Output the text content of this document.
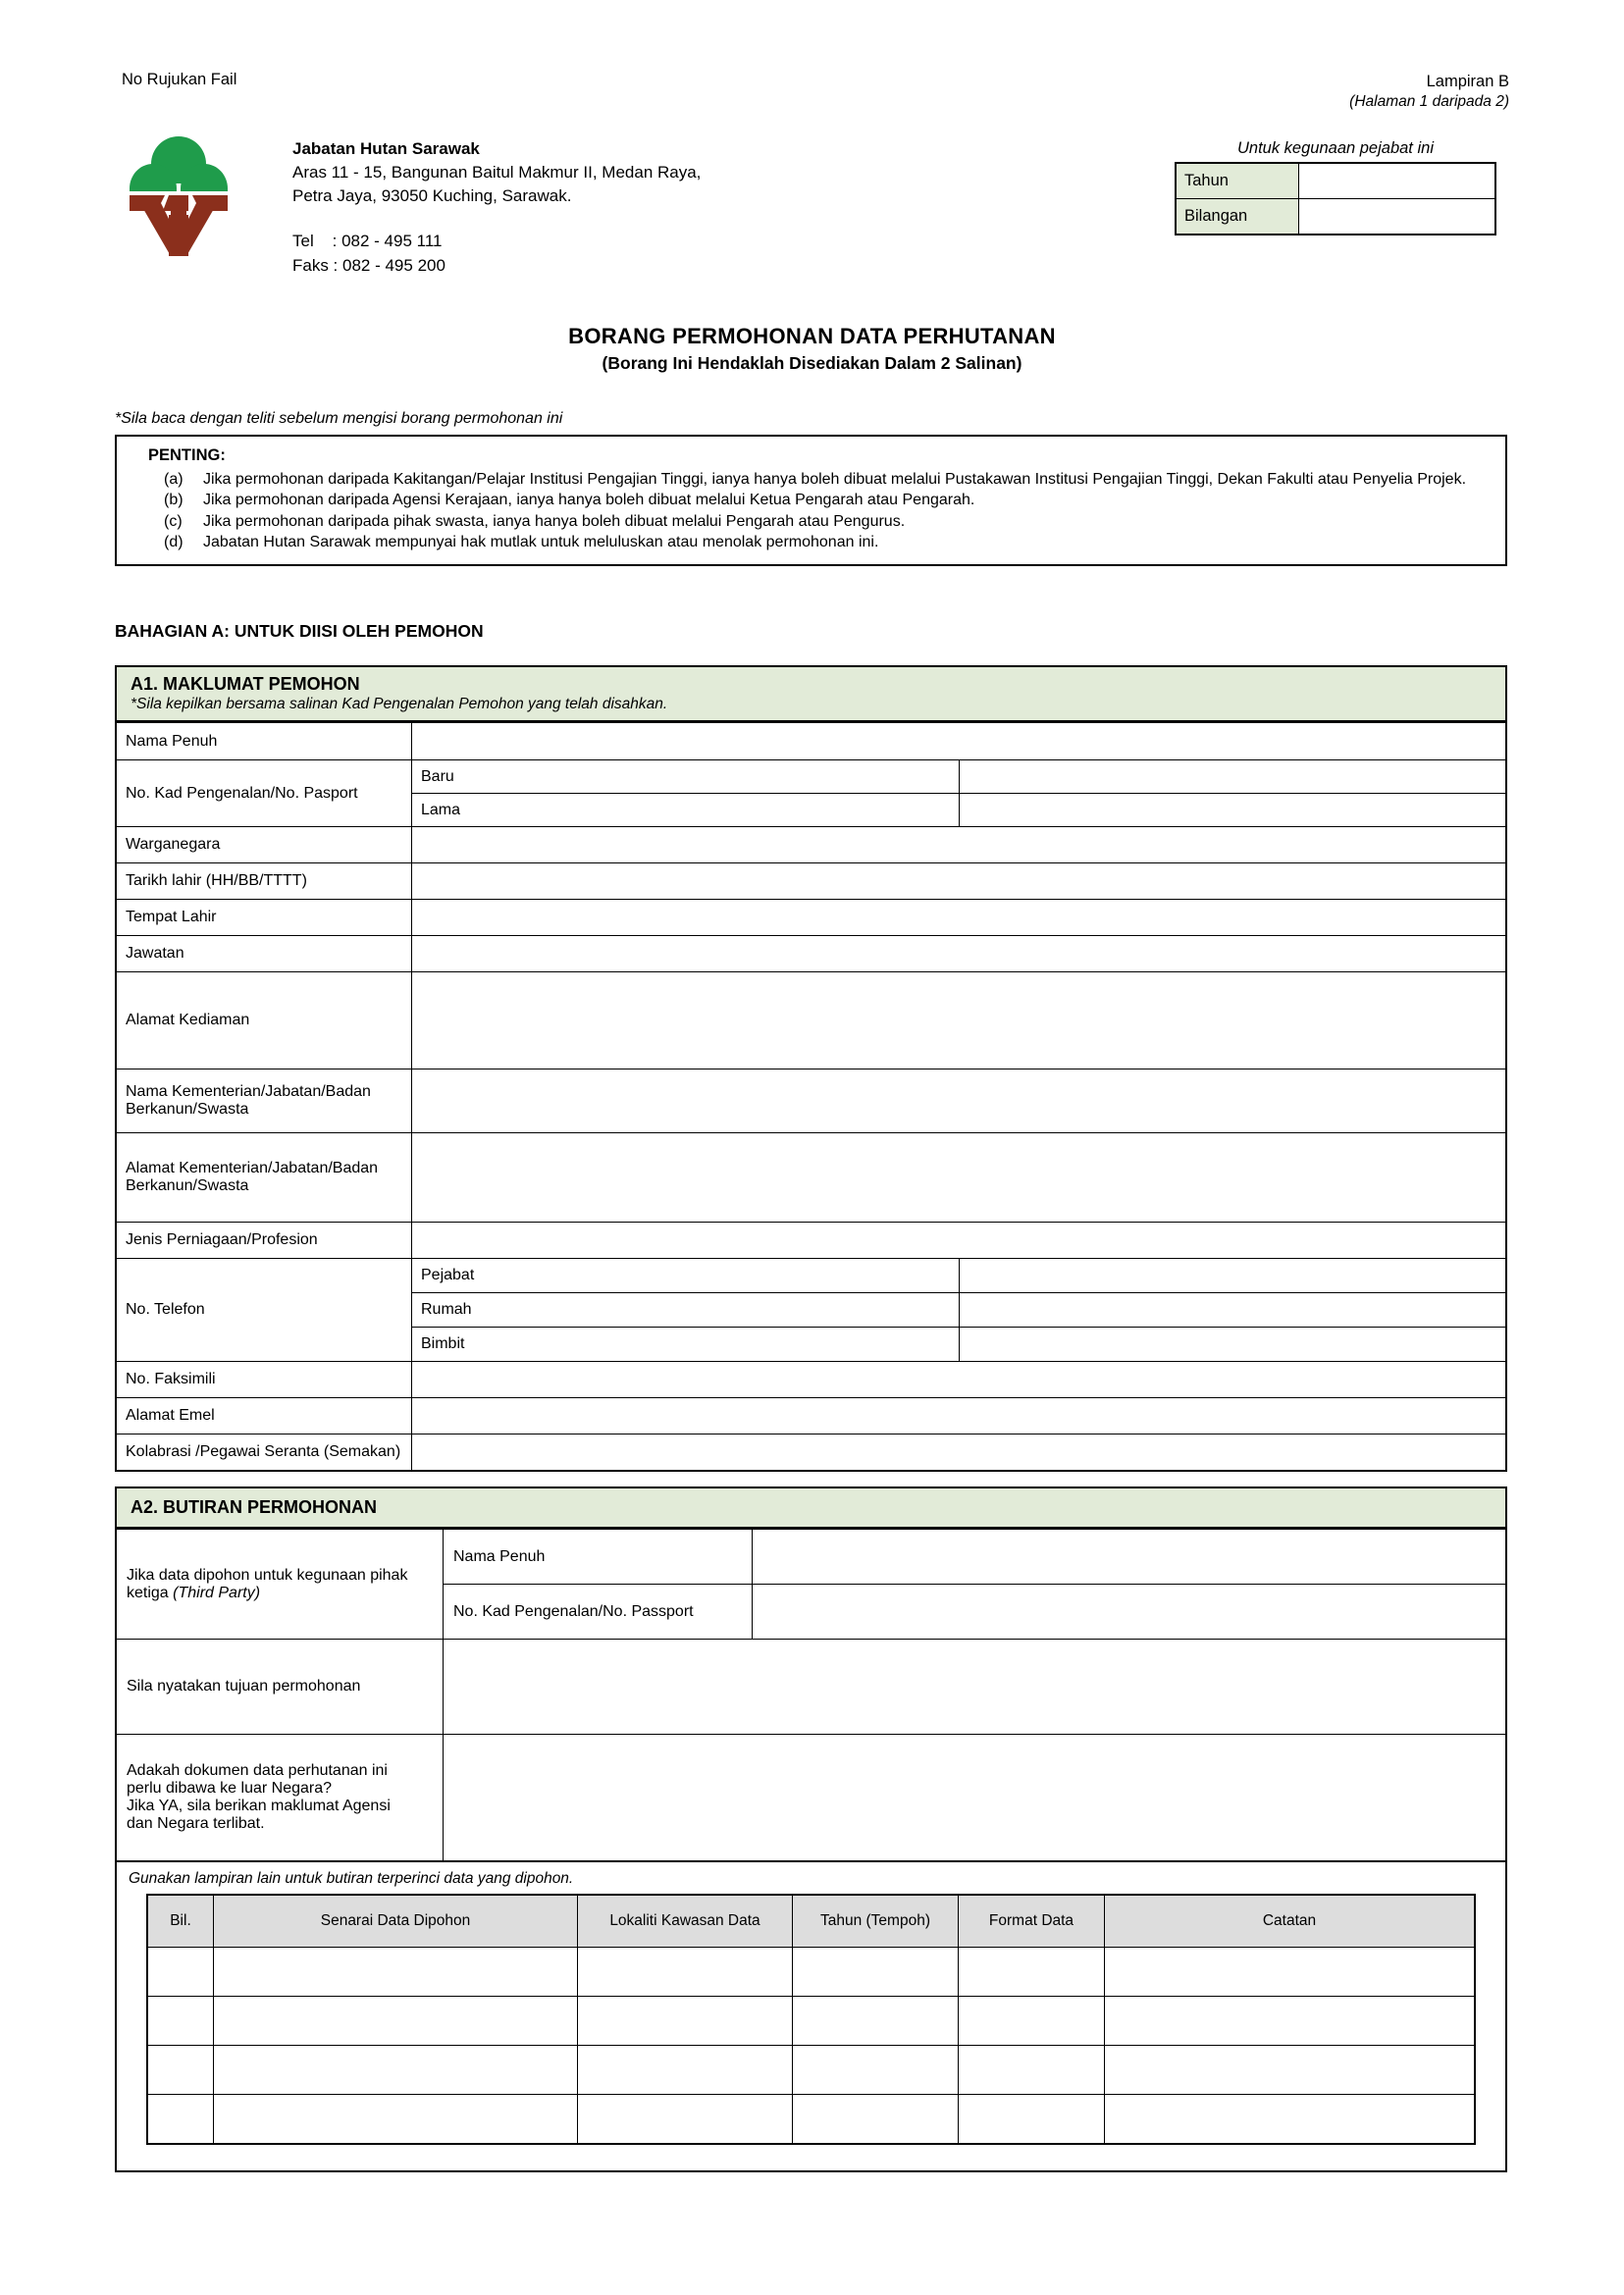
No Rujukan Fail	Lampiran B
(Halaman 1 daripada 2)
Jabatan Hutan Sarawak
Aras 11 - 15, Bangunan Baitul Makmur II, Medan Raya,
Petra Jaya, 93050 Kuching, Sarawak.
Tel    : 082 - 495 111
Faks : 082 - 495 200
Untuk kegunaan pejabat ini
Tahun	
Bilangan	
BORANG PERMOHONAN DATA PERHUTANAN
(Borang Ini Hendaklah Disediakan Dalam 2 Salinan)
*Sila baca dengan teliti sebelum mengisi borang permohonan ini
PENTING:
(a)	Jika permohonan daripada Kakitangan/Pelajar Institusi Pengajian Tinggi, ianya hanya boleh dibuat melalui Pustakawan Institusi Pengajian Tinggi, Dekan Fakulti atau Penyelia Projek.
(b)	Jika permohonan daripada Agensi Kerajaan, ianya hanya boleh dibuat melalui Ketua Pengarah atau Pengarah.
(c)	Jika permohonan daripada pihak swasta, ianya hanya boleh dibuat melalui Pengarah atau Pengurus.
(d)	Jabatan Hutan Sarawak mempunyai hak mutlak untuk meluluskan atau menolak permohonan ini.
BAHAGIAN A: UNTUK DIISI OLEH PEMOHON
A1. MAKLUMAT PEMOHON
*Sila kepilkan bersama salinan Kad Pengenalan Pemohon yang telah disahkan.
Nama Penuh		
No. Kad Pengenalan/No. Pasport	Baru	
	Lama	
Warganegara		
Tarikh lahir (HH/BB/TTTT)		
Tempat Lahir		
Jawatan		
Alamat Kediaman		
Nama Kementerian/Jabatan/Badan Berkanun/Swasta		
Alamat Kementerian/Jabatan/Badan Berkanun/Swasta		
Jenis Perniagaan/Profesion		
No. Telefon	Pejabat	
	Rumah	
	Bimbit	
No. Faksimili		
Alamat Emel		
Kolabrasi /Pegawai Seranta (Semakan)		
A2. BUTIRAN PERMOHONAN
Jika data dipohon untuk kegunaan pihak
ketiga (Third Party)	Nama Penuh	
	No. Kad Pengenalan/No. Passport	
Sila nyatakan tujuan permohonan		
Adakah dokumen data perhutanan ini
perlu dibawa ke luar Negara?
Jika YA, sila berikan maklumat Agensi
dan Negara terlibat.		
Gunakan lampiran lain untuk butiran terperinci data yang dipohon.
Bil.	Senarai Data Dipohon	Lokaliti Kawasan Data	Tahun (Tempoh)	Format Data	Catatan
